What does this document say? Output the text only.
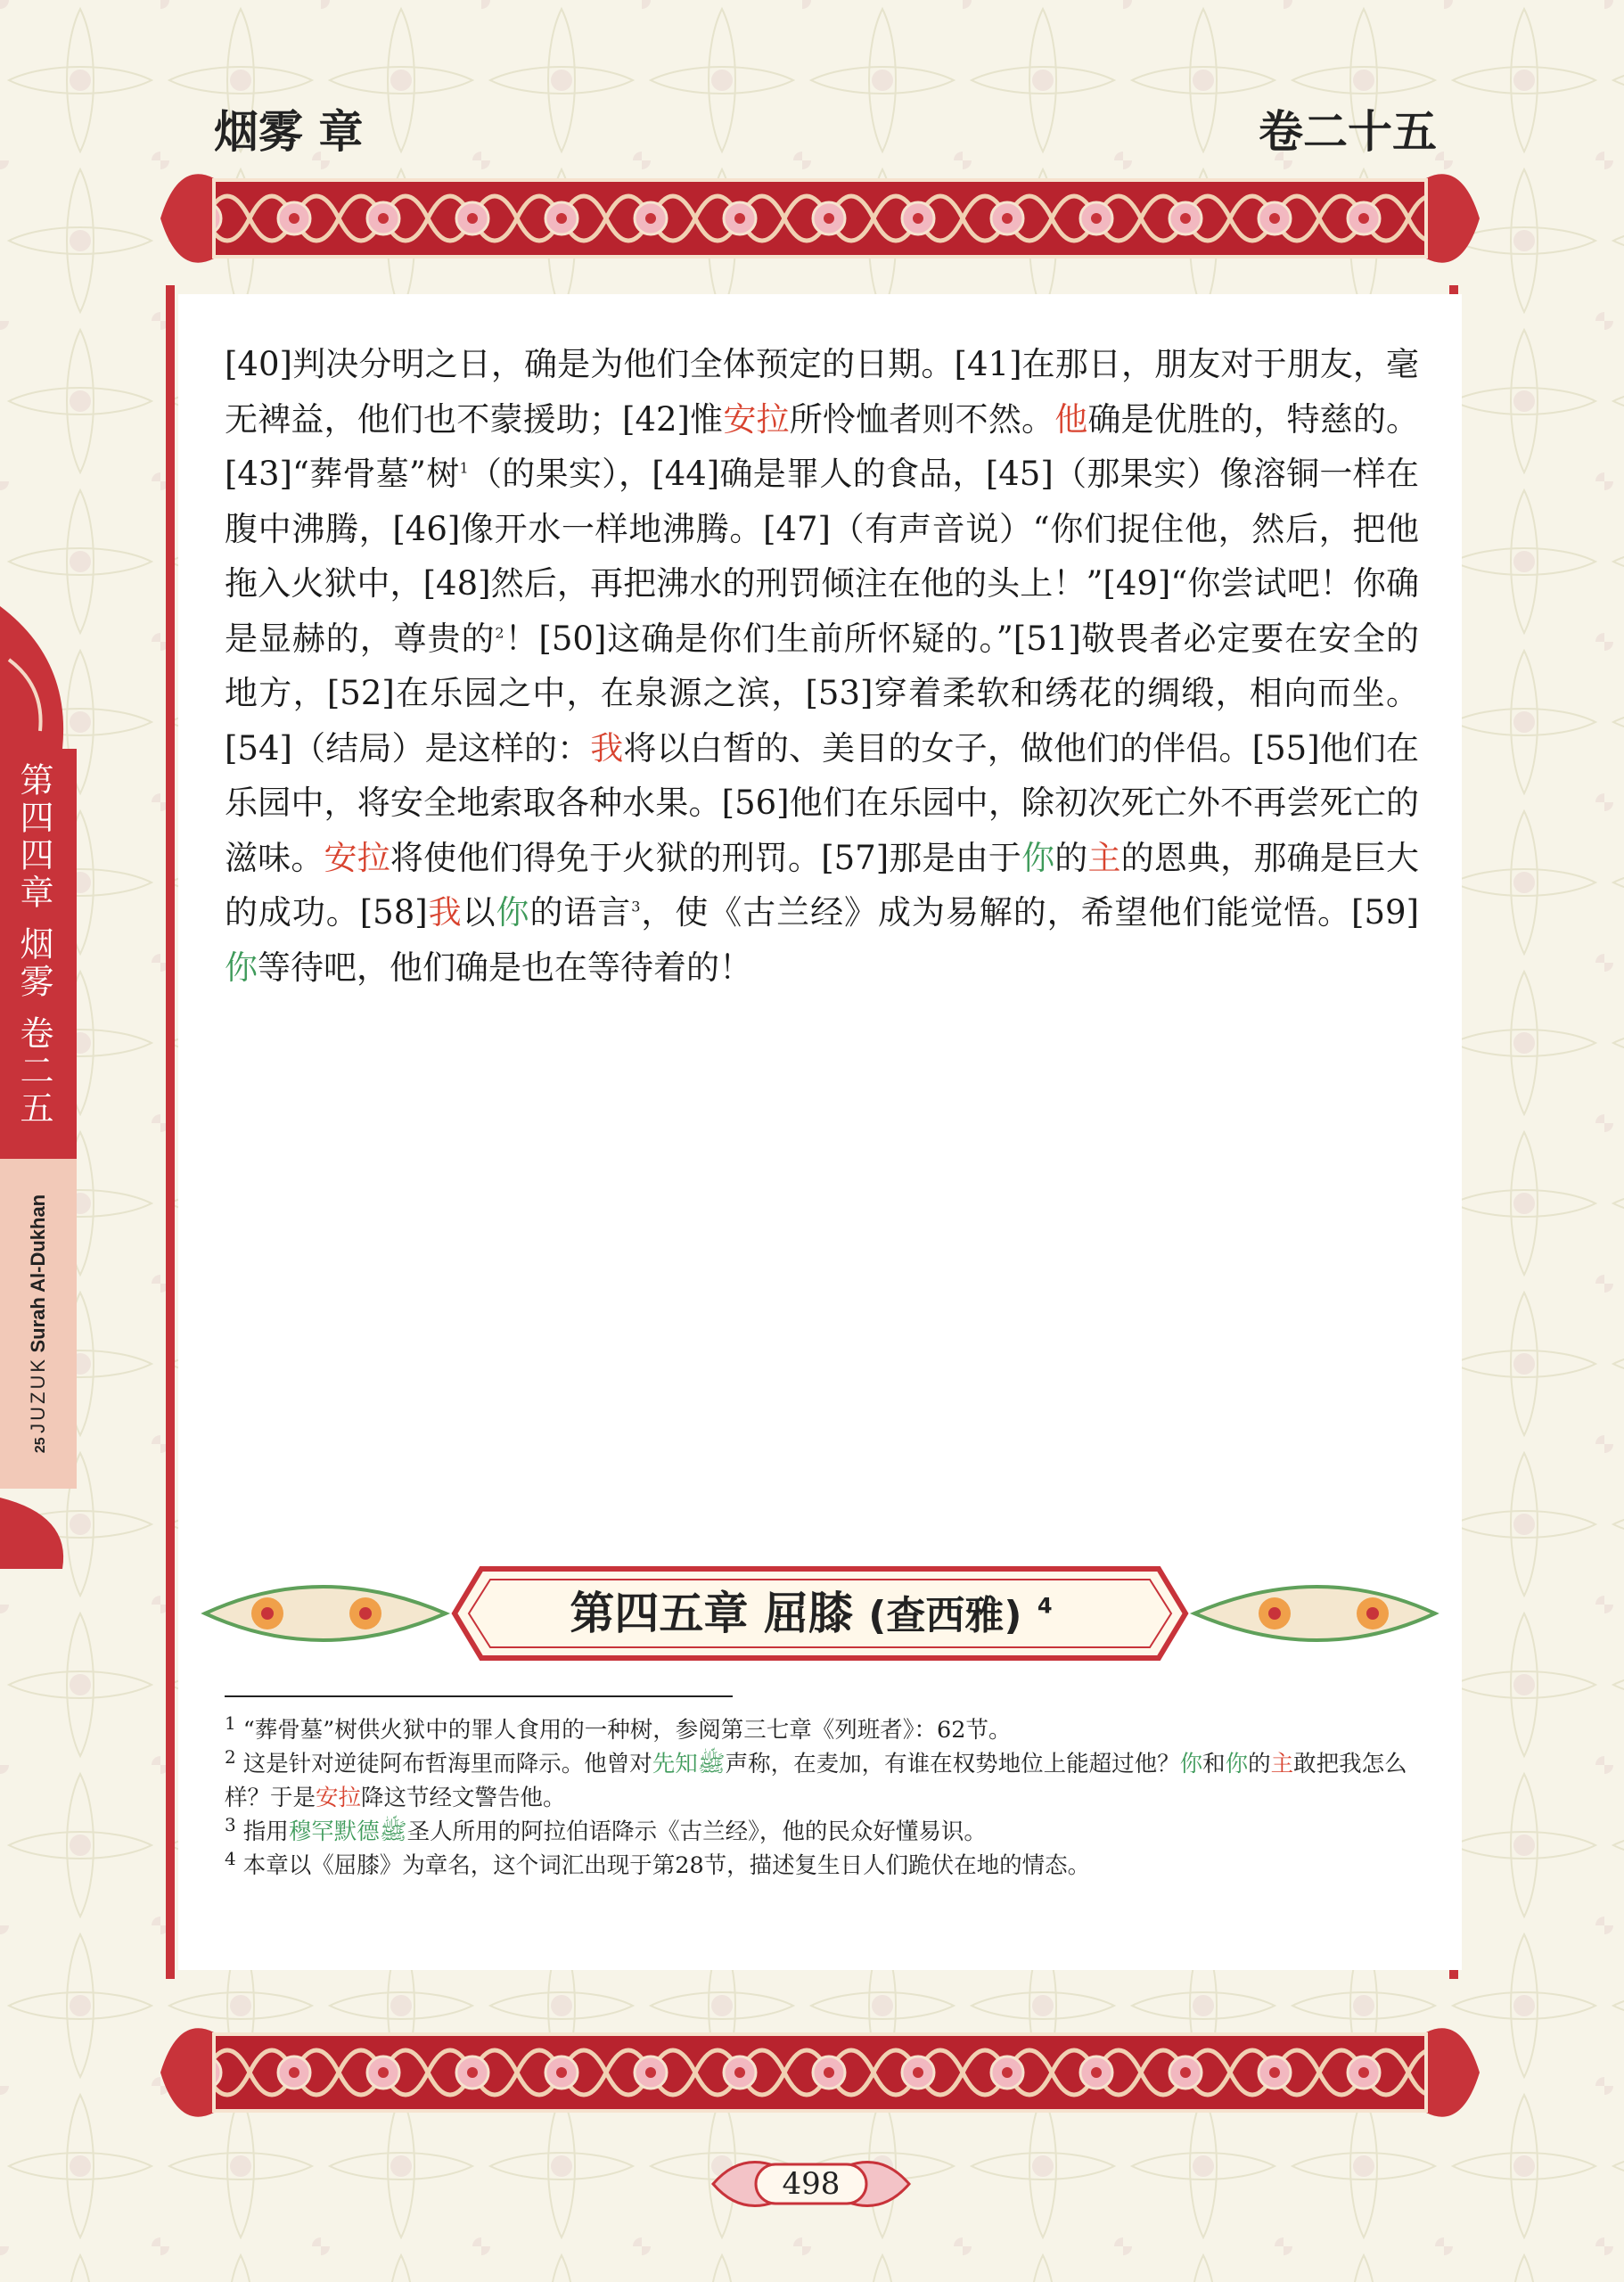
烟雾 章	卷二十五
[40]判决分明之日，确是为他们全体预定的日期。[41]在那日，朋友对于朋友，毫无裨益，他们也不蒙援助；[42]惟安拉所怜恤者则不然。他确是优胜的，特慈的。[43]“葬骨墓”树$^1$（的果实），[44]确是罪人的食品，[45]（那果实）像溶铜一样在腹中沸腾，[46]像开水一样地沸腾。[47]（有声音说）“你们捉住他，然后，把他拖入火狱中，[48]然后，再把沸水的刑罚倾注在他的头上！”[49]“你尝试吧！你确是显赫的，尊贵的$^2$！[50]这确是你们生前所怀疑的。”[51]敬畏者必定要在安全的地方，[52]在乐园之中，在泉源之滨，[53]穿着柔软和绣花的绸缎，相向而坐。[54]（结局）是这样的：我将以白皙的、美目的女子，做他们的伴侣。[55]他们在乐园中，将安全地索取各种水果。[56]他们在乐园中，除初次死亡外不再尝死亡的滋味。安拉将使他们得免于火狱的刑罚。[57]那是由于你的主的恩典，那确是巨大的成功。[58]我以你的语言$^3$，使《古兰经》成为易解的，希望他们能觉悟。[59]你等待吧，他们确是也在等待着的！
第四五章 屈膝 (查西雅) $^4$
$^1$ “葬骨墓”树供火狱中的罪人食用的一种树，参阅第三七章《列班者》：62节。
$^2$ 这是针对逆徒阿布哲海里而降示。他曾对先知ﷺ声称，在麦加，有谁在权势地位上能超过他？你和你的主敢把我怎么样？于是安拉降这节经文警告他。
$^3$ 指用穆罕默德ﷺ圣人所用的阿拉伯语降示《古兰经》，他的民众好懂易识。
$^4$ 本章以《屈膝》为章名，这个词汇出现于第28节，描述复生日人们跪伏在地的情态。
498
第四四章 烟雾 卷二五
25 JUZUK Surah Al-Dukhan
